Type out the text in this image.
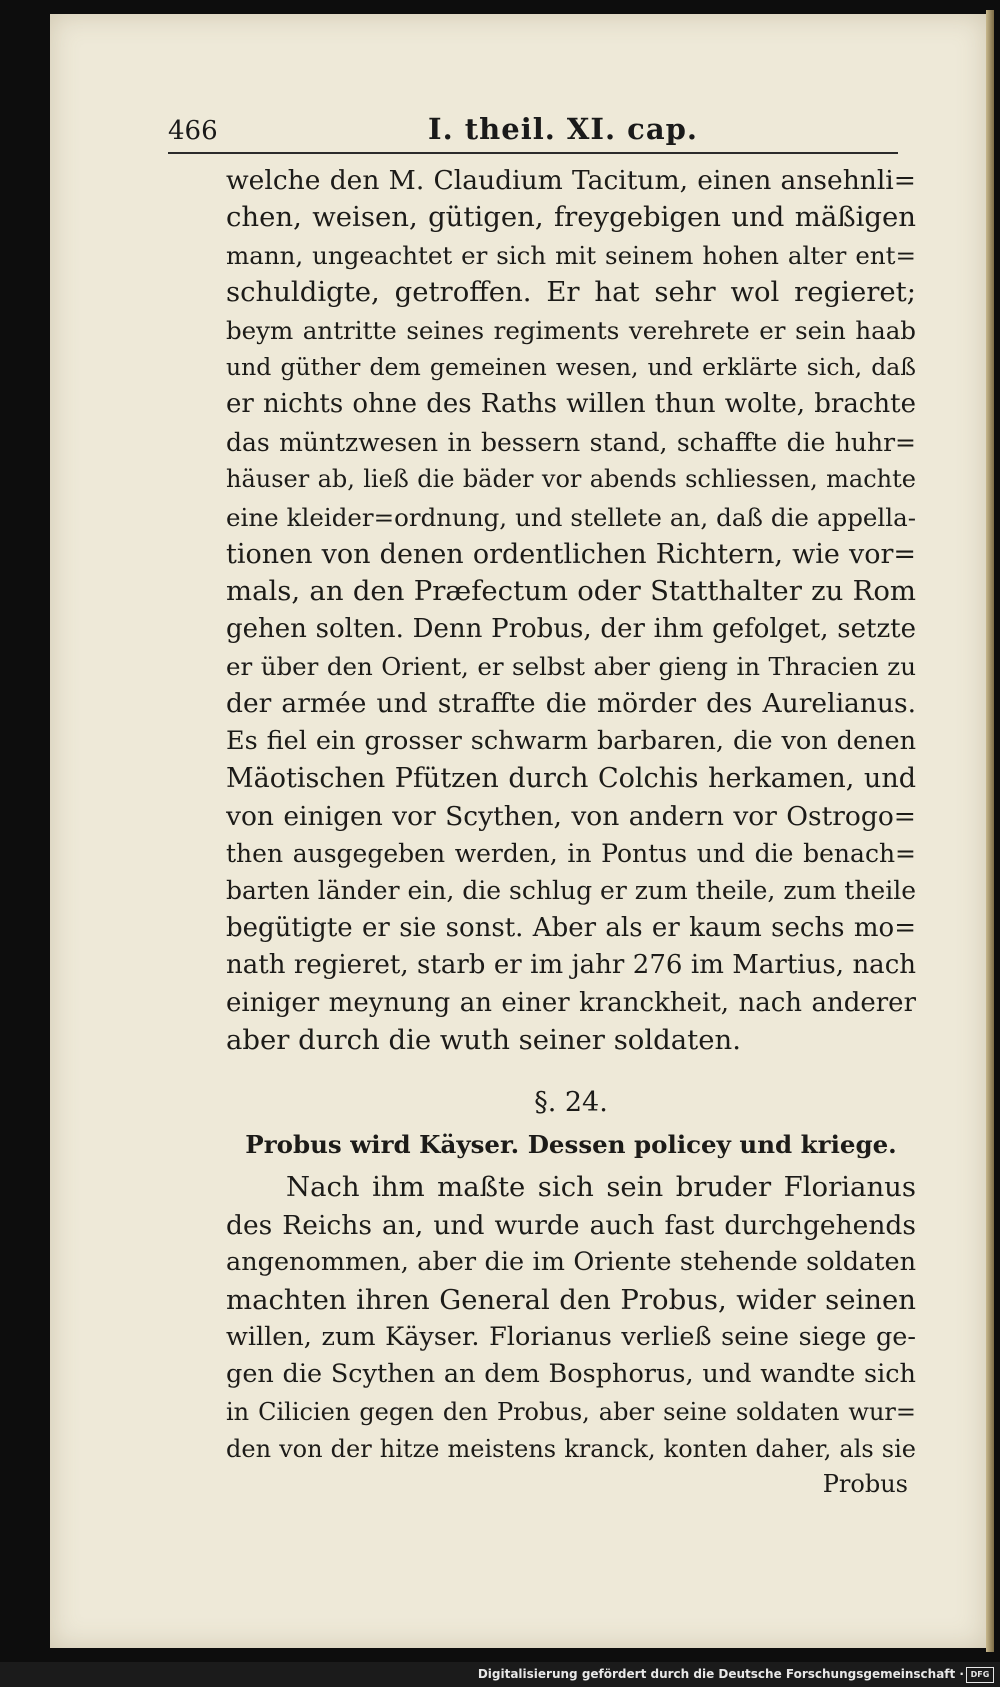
466	I. theil. XI. cap.
welche den M. Claudium Tacitum, einen ansehnli=
chen, weisen, gütigen, freygebigen und mäßigen
mann, ungeachtet er sich mit seinem hohen alter ent=
schuldigte, getroffen. Er hat sehr wol regieret;
beym antritte seines regiments verehrete er sein haab
und güther dem gemeinen wesen, und erklärte sich, daß
er nichts ohne des Raths willen thun wolte, brachte
das müntzwesen in bessern stand, schaffte die huhr=
häuser ab, ließ die bäder vor abends schliessen, machte
eine kleider=ordnung, und stellete an, daß die appella-
tionen von denen ordentlichen Richtern, wie vor=
mals, an den Præfectum oder Statthalter zu Rom
gehen solten. Denn Probus, der ihm gefolget, setzte
er über den Orient, er selbst aber gieng in Thracien zu
der armée und straffte die mörder des Aurelianus.
Es fiel ein grosser schwarm barbaren, die von denen
Mäotischen Pfützen durch Colchis herkamen, und
von einigen vor Scythen, von andern vor Ostrogo=
then ausgegeben werden, in Pontus und die benach=
barten länder ein, die schlug er zum theile, zum theile
begütigte er sie sonst. Aber als er kaum sechs mo=
nath regieret, starb er im jahr 276 im Martius, nach
einiger meynung an einer kranckheit, nach anderer
aber durch die wuth seiner soldaten.
§. 24.
Probus wird Käyser. Dessen policey und kriege.
Nach ihm maßte sich sein bruder Florianus
des Reichs an, und wurde auch fast durchgehends
angenommen, aber die im Oriente stehende soldaten
machten ihren General den Probus, wider seinen
willen, zum Käyser. Florianus verließ seine siege ge-
gen die Scythen an dem Bosphorus, und wandte sich
in Cilicien gegen den Probus, aber seine soldaten wur=
den von der hitze meistens kranck, konten daher, als sie
Probus
Digitalisierung gefördert durch die Deutsche Forschungsgemeinschaft · DFG
